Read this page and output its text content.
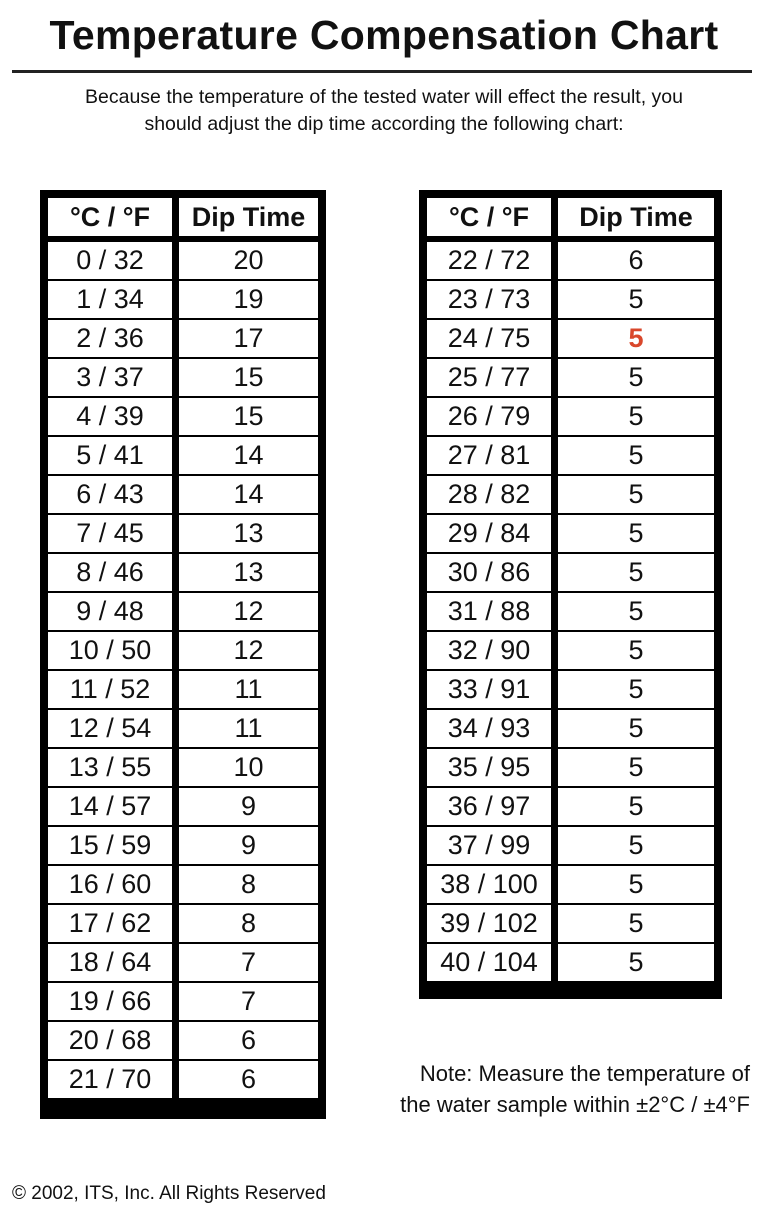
Temperature Compensation Chart
Because the temperature of the tested water will effect the result, you
should adjust the dip time according the following chart:
°C / °F	Dip Time
0 / 32	20
1 / 34	19
2 / 36	17
3 / 37	15
4 / 39	15
5 / 41	14
6 / 43	14
7 / 45	13
8 / 46	13
9 / 48	12
10 / 50	12
11 / 52	11
12 / 54	11
13 / 55	10
14 / 57	9
15 / 59	9
16 / 60	8
17 / 62	8
18 / 64	7
19 / 66	7
20 / 68	6
21 / 70	6
°C / °F	Dip Time
22 / 72	6
23 / 73	5
24 / 75	5
25 / 77	5
26 / 79	5
27 / 81	5
28 / 82	5
29 / 84	5
30 / 86	5
31 / 88	5
32 / 90	5
33 / 91	5
34 / 93	5
35 / 95	5
36 / 97	5
37 / 99	5
38 / 100	5
39 / 102	5
40 / 104	5
Note: Measure the temperature of
the water sample within ±2°C / ±4°F
© 2002, ITS, Inc. All Rights Reserved
